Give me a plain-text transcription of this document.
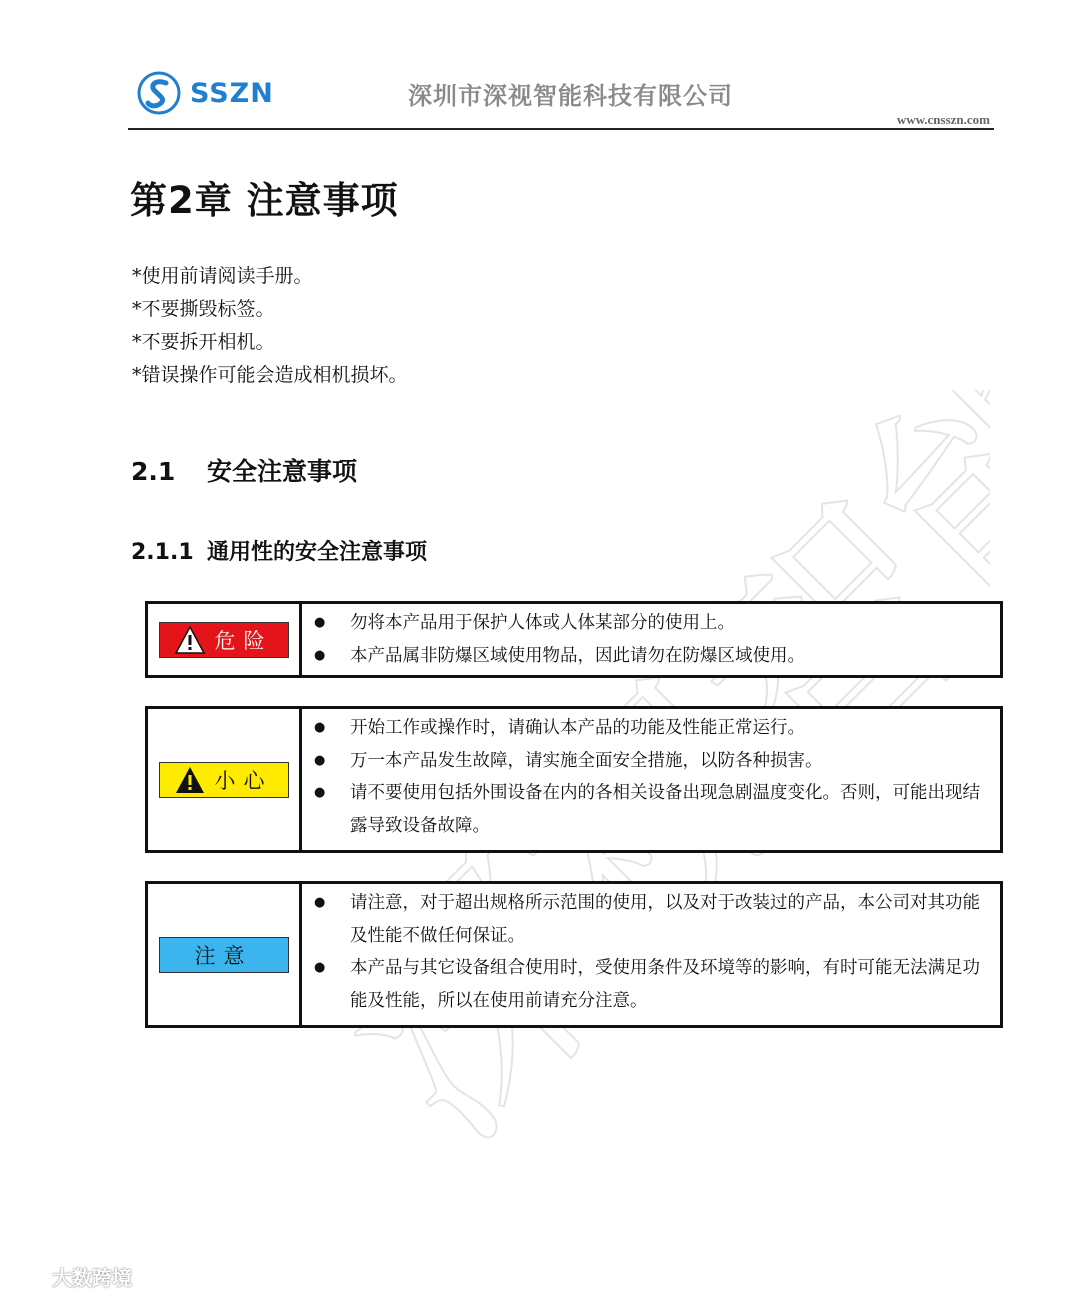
SSZN	深圳市深视智能科技有限公司
www.cnsszn.com
第2章 注意事项
*使用前请阅读手册。
*不要撕毁标签。
*不要拆开相机。
*错误操作可能会造成相机损坏。
2.1 安全注意事项
2.1.1 通用性的安全注意事项
危险
● 勿将本产品用于保护人体或人体某部分的使用上。
● 本产品属非防爆区域使用物品，因此请勿在防爆区域使用。
小心
● 开始工作或操作时，请确认本产品的功能及性能正常运行。
● 万一本产品发生故障，请实施全面安全措施，以防各种损害。
● 请不要使用包括外围设备在内的各相关设备出现急剧温度变化。否则，可能出现结露导致设备故障。
注意
● 请注意，对于超出规格所示范围的使用，以及对于改装过的产品，本公司对其功能及性能不做任何保证。
● 本产品与其它设备组合使用时，受使用条件及环境等的影响，有时可能无法满足功能及性能，所以在使用前请充分注意。
大数跨境
